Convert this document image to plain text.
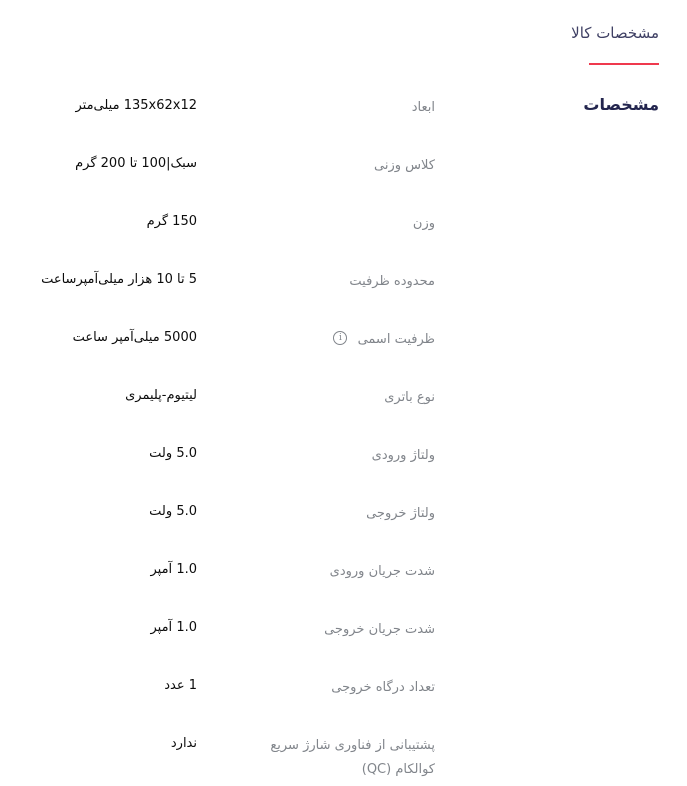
مشخصات کالا
مشخصات
ابعاد
135x62x12 میلی‌متر
کلاس وزنی
سبک|100 تا 200 گرم
وزن
150 گرم
محدوده ظرفیت
5 تا 10 هزار میلی‌آمپرساعت
ظرفیت اسمی i
5000 میلی‌آمپر ساعت
نوع باتری
لیتیوم-پلیمری
ولتاژ ورودی
5.0 ولت
ولتاژ خروجی
5.0 ولت
شدت جریان ورودی
1.0 آمپر
شدت جریان خروجی
1.0 آمپر
تعداد درگاه خروجی
1 عدد
پشتیبانی از فناوری شارژ سریع کوالکام (QC)
ندارد
